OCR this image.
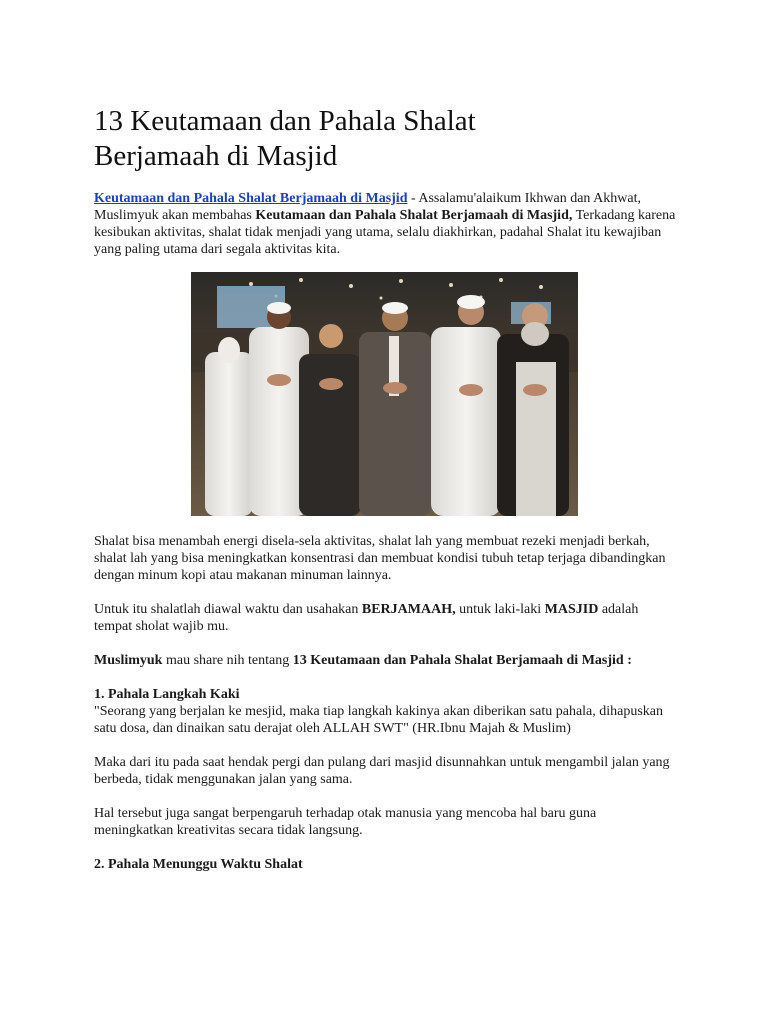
13 Keutamaan dan Pahala Shalat
Berjamaah di Masjid

Keutamaan dan Pahala Shalat Berjamaah di Masjid - Assalamu'alaikum Ikhwan dan Akhwat, Muslimyuk akan membahas Keutamaan dan Pahala Shalat Berjamaah di Masjid, Terkadang karena kesibukan aktivitas, shalat tidak menjadi yang utama, selalu diakhirkan, padahal Shalat itu kewajiban yang paling utama dari segala aktivitas kita.

Shalat bisa menambah energi disela-sela aktivitas, shalat lah yang membuat rezeki menjadi berkah, shalat lah yang bisa meningkatkan konsentrasi dan membuat kondisi tubuh tetap terjaga dibandingkan dengan minum kopi atau makanan minuman lainnya.

Untuk itu shalatlah diawal waktu dan usahakan BERJAMAAH, untuk laki-laki MASJID adalah tempat sholat wajib mu.

Muslimyuk mau share nih tentang 13 Keutamaan dan Pahala Shalat Berjamaah di Masjid :

1. Pahala Langkah Kaki
"Seorang yang berjalan ke mesjid, maka tiap langkah kakinya akan diberikan satu pahala, dihapuskan satu dosa, dan dinaikan satu derajat oleh ALLAH SWT" (HR.Ibnu Majah & Muslim)

Maka dari itu pada saat hendak pergi dan pulang dari masjid disunnahkan untuk mengambil jalan yang berbeda, tidak menggunakan jalan yang sama.

Hal tersebut juga sangat berpengaruh terhadap otak manusia yang mencoba hal baru guna meningkatkan kreativitas secara tidak langsung.

2. Pahala Menunggu Waktu Shalat
